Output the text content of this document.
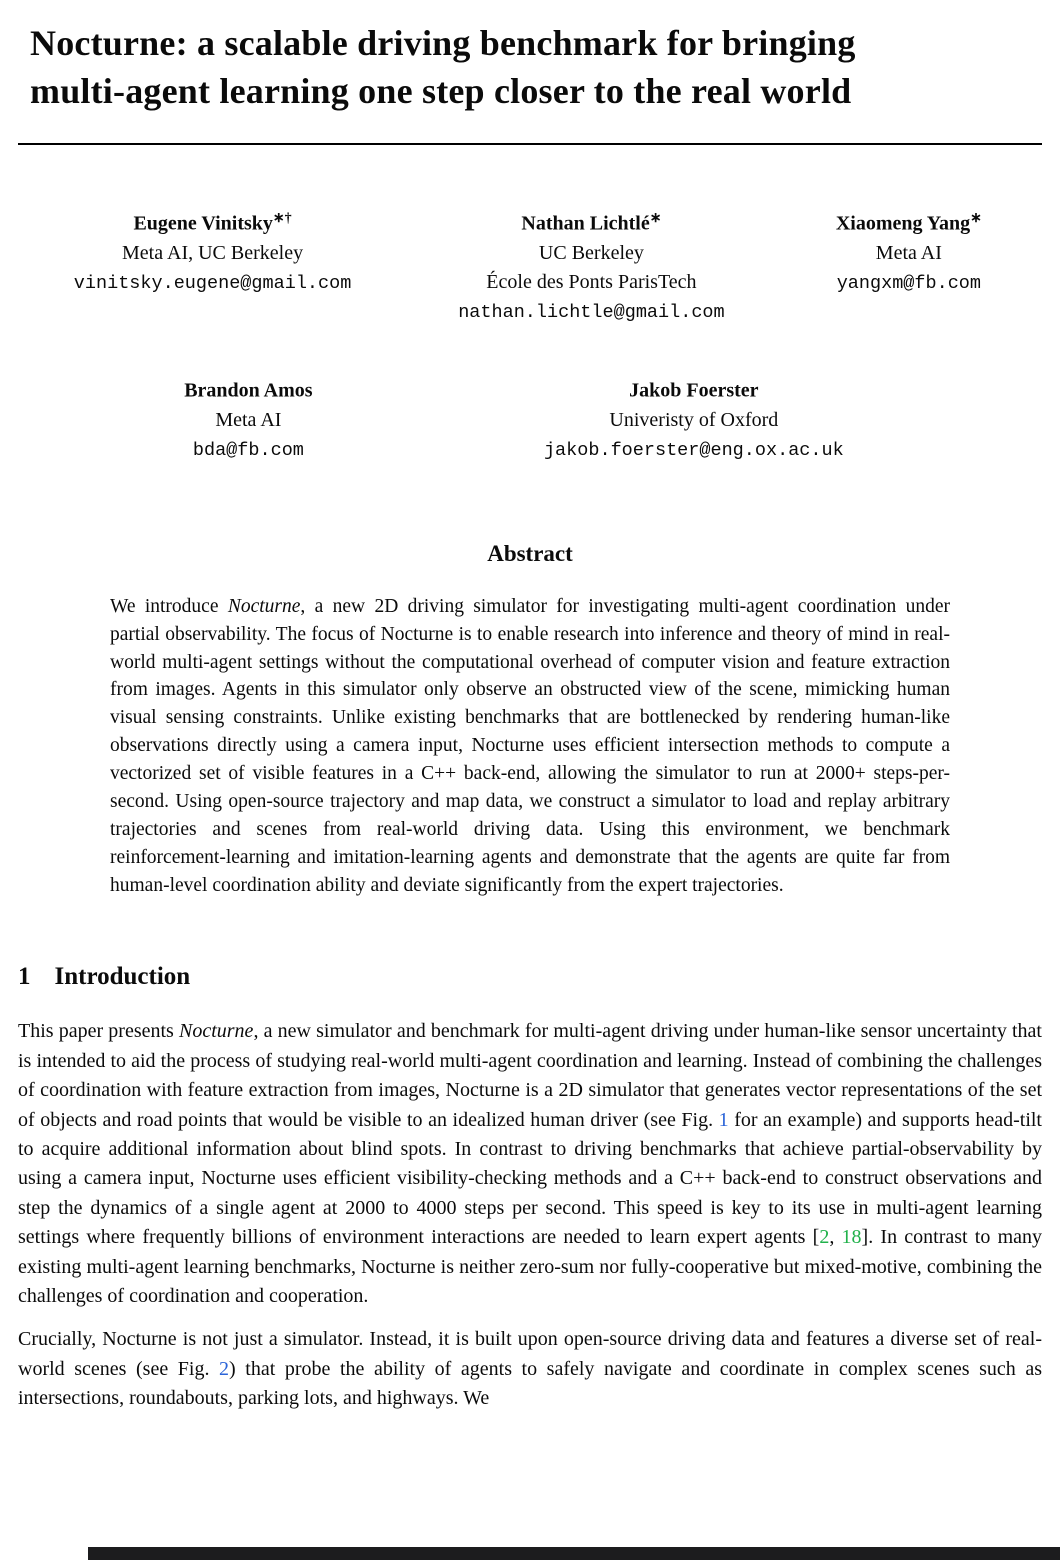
Nocturne: a scalable driving benchmark for bringing
multi-agent learning one step closer to the real world
Eugene Vinitsky∗†
Meta AI, UC Berkeley
vinitsky.eugene@gmail.com
Nathan Lichtlé∗
UC Berkeley
École des Ponts ParisTech
nathan.lichtle@gmail.com
Xiaomeng Yang∗
Meta AI
yangxm@fb.com
Brandon Amos
Meta AI
bda@fb.com
Jakob Foerster
Univeristy of Oxford
jakob.foerster@eng.ox.ac.uk
Abstract

We introduce Nocturne, a new 2D driving simulator for investigating multi-agent coordination under partial observability. The focus of Nocturne is to enable research into inference and theory of mind in real-world multi-agent settings without the computational overhead of computer vision and feature extraction from images. Agents in this simulator only observe an obstructed view of the scene, mimicking human visual sensing constraints. Unlike existing benchmarks that are bottlenecked by rendering human-like observations directly using a camera input, Nocturne uses efficient intersection methods to compute a vectorized set of visible features in a C++ back-end, allowing the simulator to run at 2000+ steps-per-second. Using open-source trajectory and map data, we construct a simulator to load and replay arbitrary trajectories and scenes from real-world driving data. Using this environment, we benchmark reinforcement-learning and imitation-learning agents and demonstrate that the agents are quite far from human-level coordination ability and deviate significantly from the expert trajectories.

1 Introduction

This paper presents Nocturne, a new simulator and benchmark for multi-agent driving under human-like sensor uncertainty that is intended to aid the process of studying real-world multi-agent coordination and learning. Instead of combining the challenges of coordination with feature extraction from images, Nocturne is a 2D simulator that generates vector representations of the set of objects and road points that would be visible to an idealized human driver (see Fig. 1 for an example) and supports head-tilt to acquire additional information about blind spots. In contrast to driving benchmarks that achieve partial-observability by using a camera input, Nocturne uses efficient visibility-checking methods and a C++ back-end to construct observations and step the dynamics of a single agent at 2000 to 4000 steps per second. This speed is key to its use in multi-agent learning settings where frequently billions of environment interactions are needed to learn expert agents [2, 18]. In contrast to many existing multi-agent learning benchmarks, Nocturne is neither zero-sum nor fully-cooperative but mixed-motive, combining the challenges of coordination and cooperation.

Crucially, Nocturne is not just a simulator. Instead, it is built upon open-source driving data and features a diverse set of real-world scenes (see Fig. 2) that probe the ability of agents to safely navigate and coordinate in complex scenes such as intersections, roundabouts, parking lots, and highways. We
